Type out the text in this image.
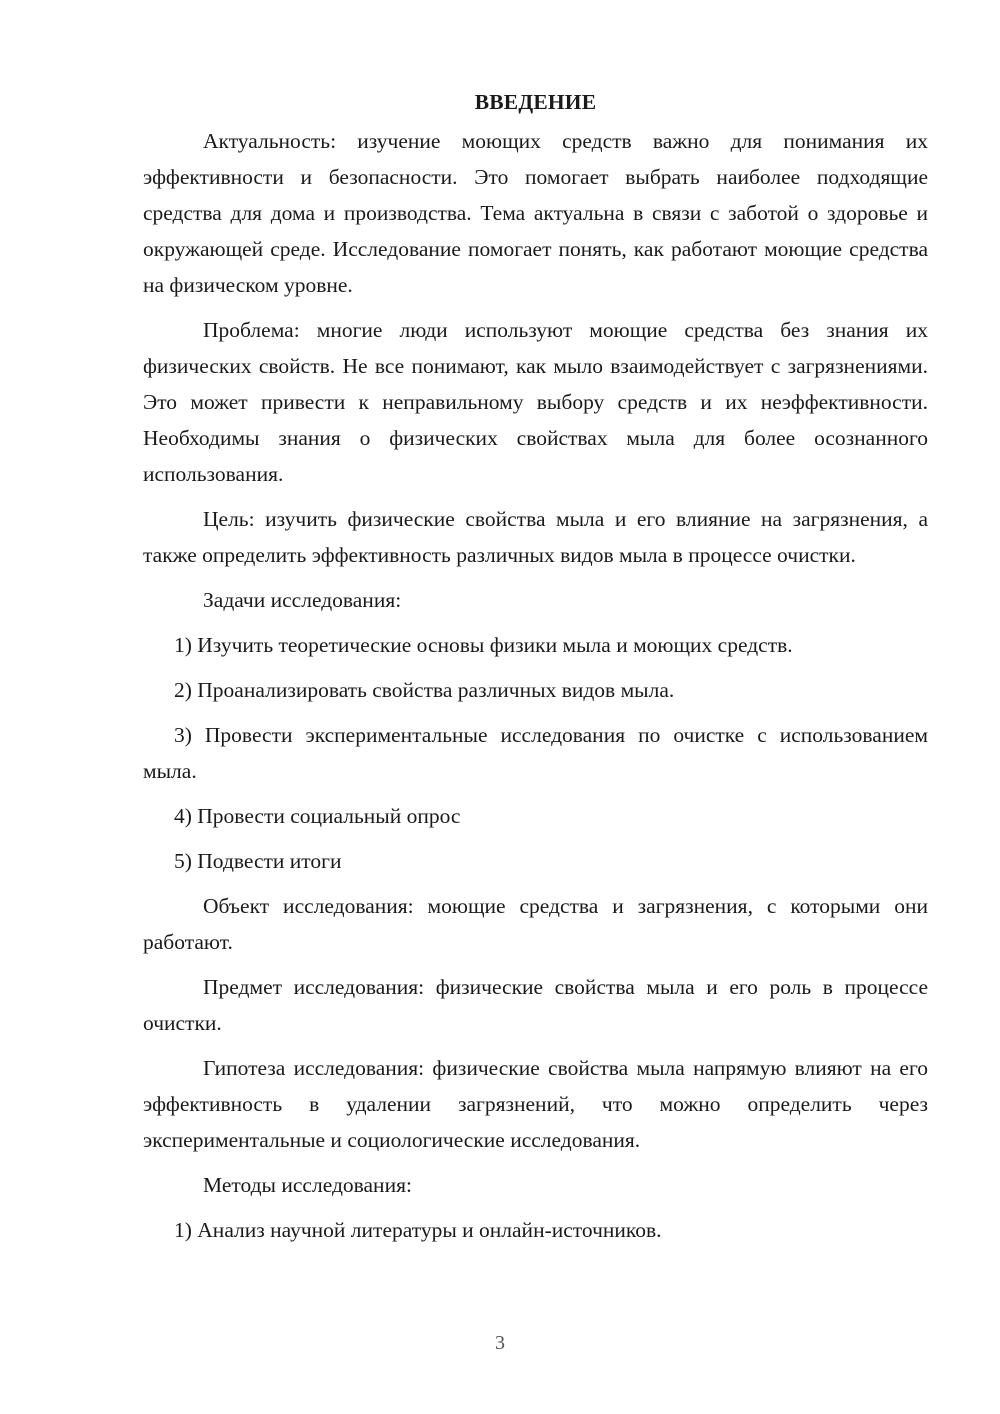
ВВЕДЕНИЕ

Актуальность: изучение моющих средств важно для понимания их эффективности и безопасности. Это помогает выбрать наиболее подходящие средства для дома и производства. Тема актуальна в связи с заботой о здоровье и окружающей среде. Исследование помогает понять, как работают моющие средства на физическом уровне.

Проблема: многие люди используют моющие средства без знания их физических свойств. Не все понимают, как мыло взаимодействует с загрязнениями. Это может привести к неправильному выбору средств и их неэффективности. Необходимы знания о физических свойствах мыла для более осознанного использования.

Цель: изучить физические свойства мыла и его влияние на загрязнения, а также определить эффективность различных видов мыла в процессе очистки.

Задачи исследования:

1) Изучить теоретические основы физики мыла и моющих средств.

2) Проанализировать свойства различных видов мыла.

3) Провести экспериментальные исследования по очистке с использованием мыла.

4) Провести социальный опрос

5) Подвести итоги

Объект исследования: моющие средства и загрязнения, с которыми они работают.

Предмет исследования: физические свойства мыла и его роль в процессе очистки.

Гипотеза исследования: физические свойства мыла напрямую влияют на его эффективность в удалении загрязнений, что можно определить через экспериментальные и социологические исследования.

Методы исследования:

1) Анализ научной литературы и онлайн-источников.

3
